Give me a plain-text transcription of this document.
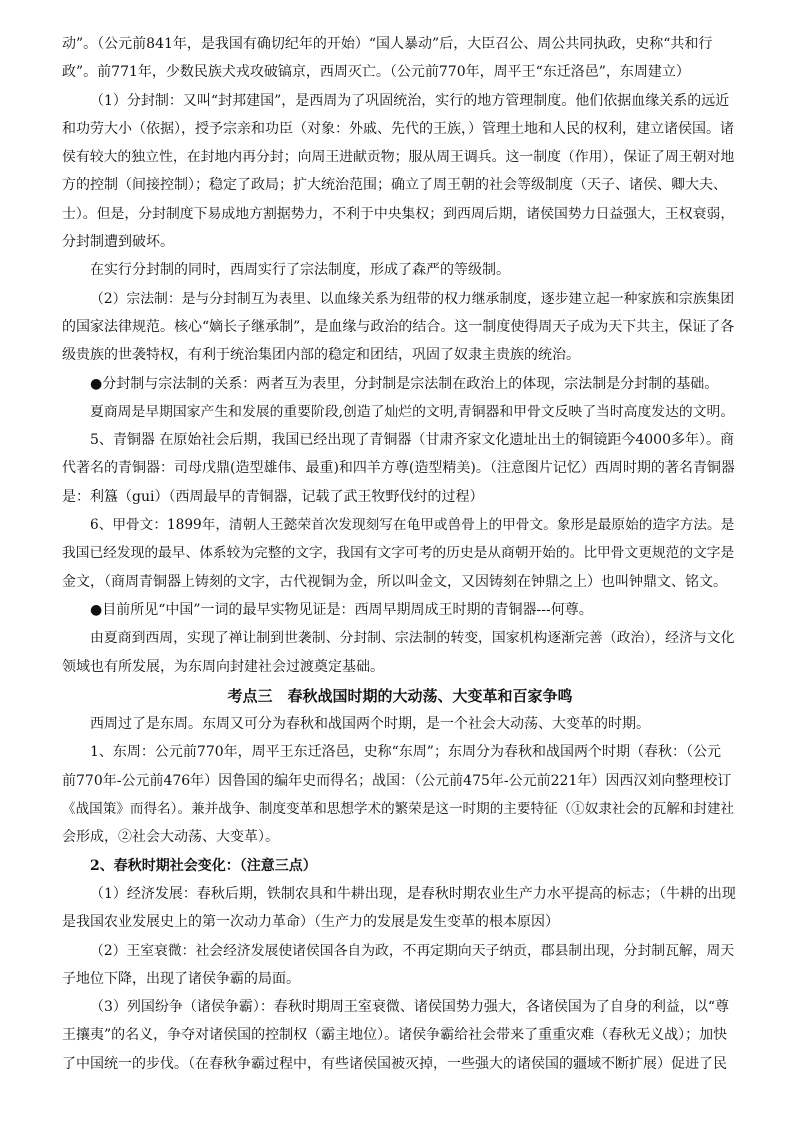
动”。（公元前841年，是我国有确切纪年的开始）“国人暴动”后，大臣召公、周公共同执政，史称“共和行

政”。前771年，少数民族犬戎攻破镐京，西周灭亡。（公元前770年，周平王“东迁洛邑”，东周建立）

（1）分封制：又叫“封邦建国”，是西周为了巩固统治，实行的地方管理制度。他们依据血缘关系的远近

和功劳大小（依据），授予宗亲和功臣（对象：外戚、先代的王族，）管理土地和人民的权利，建立诸侯国。诸

侯有较大的独立性，在封地内再分封；向周王进献贡物；服从周王调兵。这一制度（作用），保证了周王朝对地

方的控制（间接控制）；稳定了政局；扩大统治范围；确立了周王朝的社会等级制度（天子、诸侯、卿大夫、

士）。但是，分封制度下易成地方割据势力，不利于中央集权；到西周后期，诸侯国势力日益强大，王权衰弱，

分封制遭到破坏。

在实行分封制的同时，西周实行了宗法制度，形成了森严的等级制。

（2）宗法制：是与分封制互为表里、以血缘关系为纽带的权力继承制度，逐步建立起一种家族和宗族集团

的国家法律规范。核心“嫡长子继承制”，是血缘与政治的结合。这一制度使得周天子成为天下共主，保证了各

级贵族的世袭特权，有利于统治集团内部的稳定和团结，巩固了奴隶主贵族的统治。

●分封制与宗法制的关系：两者互为表里，分封制是宗法制在政治上的体现，宗法制是分封制的基础。

夏商周是早期国家产生和发展的重要阶段,创造了灿烂的文明,青铜器和甲骨文反映了当时高度发达的文明。

5、青铜器 在原始社会后期，我国已经出现了青铜器（甘肃齐家文化遗址出土的铜镜距今4000多年）。商

代著名的青铜器：司母戊鼎(造型雄伟、最重)和四羊方尊(造型精美)。（注意图片记忆）西周时期的著名青铜器

是：利簋（gui）（西周最早的青铜器，记载了武王牧野伐纣的过程）

6、甲骨文：1899年，清朝人王懿荣首次发现刻写在龟甲或兽骨上的甲骨文。象形是最原始的造字方法。是

我国已经发现的最早、体系较为完整的文字，我国有文字可考的历史是从商朝开始的。比甲骨文更规范的文字是

金文，（商周青铜器上铸刻的文字，古代视铜为金，所以叫金文，又因铸刻在钟鼎之上）也叫钟鼎文、铭文。

●目前所见“中国”一词的最早实物见证是：西周早期周成王时期的青铜器---何尊。

由夏商到西周，实现了禅让制到世袭制、分封制、宗法制的转变，国家机构逐渐完善（政治），经济与文化

领域也有所发展，为东周向封建社会过渡奠定基础。

考点三　春秋战国时期的大动荡、大变革和百家争鸣

西周过了是东周。东周又可分为春秋和战国两个时期，是一个社会大动荡、大变革的时期。

1、东周：公元前770年，周平王东迁洛邑，史称“东周”；东周分为春秋和战国两个时期（春秋：（公元

前770年-公元前476年）因鲁国的编年史而得名；战国：（公元前475年-公元前221年）因西汉刘向整理校订

《战国策》而得名）。兼并战争、制度变革和思想学术的繁荣是这一时期的主要特征（①奴隶社会的瓦解和封建社

会形成，②社会大动荡、大变革）。

2、春秋时期社会变化：（注意三点）

（1）经济发展：春秋后期，铁制农具和牛耕出现，是春秋时期农业生产力水平提高的标志；（牛耕的出现

是我国农业发展史上的第一次动力革命）（生产力的发展是发生变革的根本原因）

（2）王室衰微：社会经济发展使诸侯国各自为政，不再定期向天子纳贡，郡县制出现，分封制瓦解，周天

子地位下降，出现了诸侯争霸的局面。

（3）列国纷争（诸侯争霸）：春秋时期周王室衰微、诸侯国势力强大，各诸侯国为了自身的利益，以“尊

王攘夷”的名义，争夺对诸侯国的控制权（霸主地位）。诸侯争霸给社会带来了重重灾难（春秋无义战）；加快

了中国统一的步伐。（在春秋争霸过程中，有些诸侯国被灭掉，一些强大的诸侯国的疆域不断扩展）促进了民
